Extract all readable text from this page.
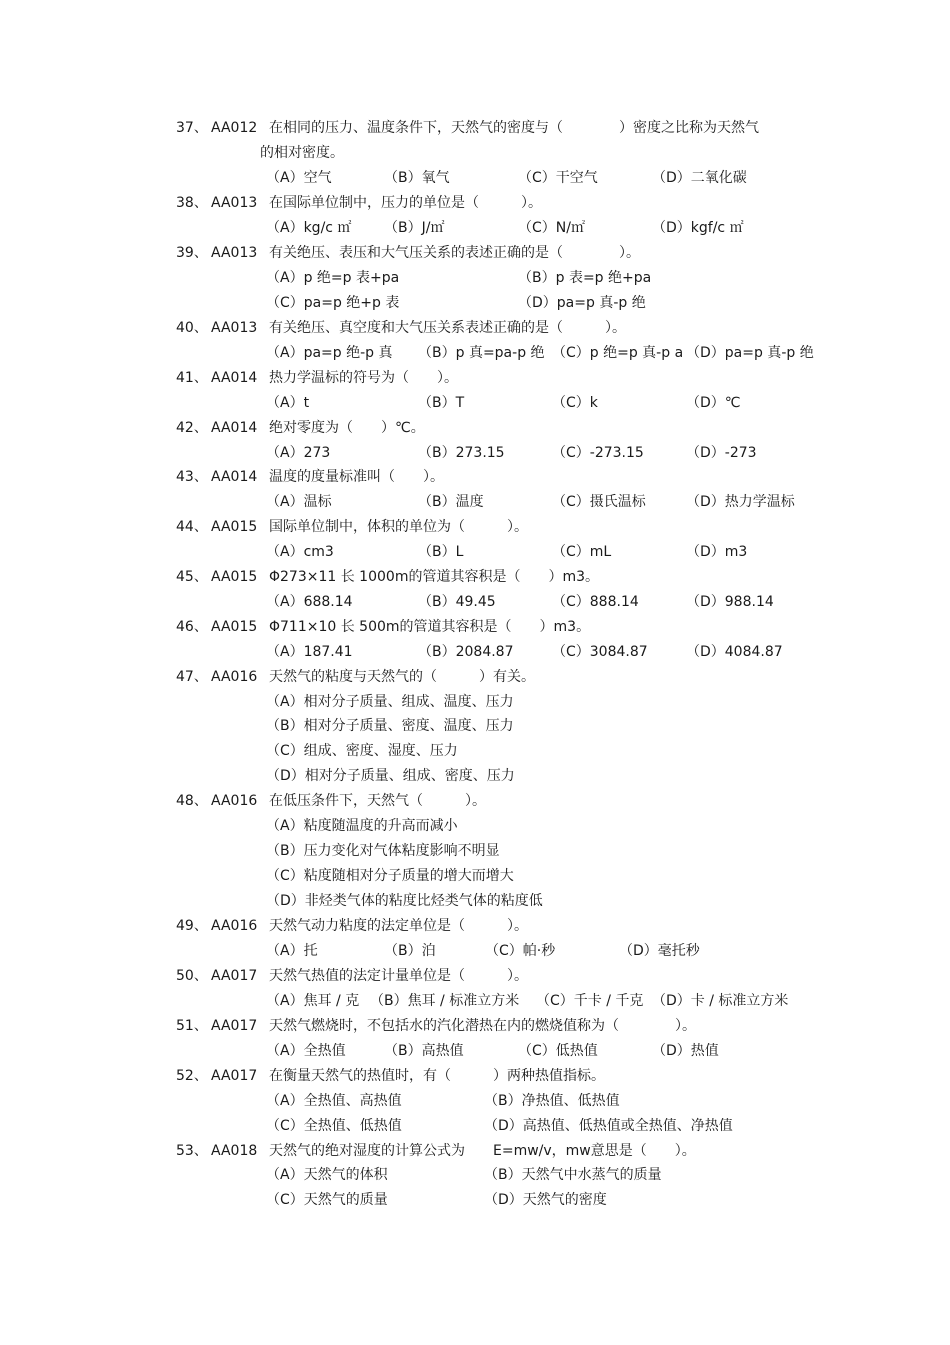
37、 AA012 在相同的压力、温度条件下，天然气的密度与（　　　　）密度之比称为天然气
的相对密度。
（A）空气	（B）氧气	（C）干空气	（D）二氧化碳
38、 AA013 在国际单位制中，压力的单位是（　　　）。
（A）kg/c ㎡ （B）J/㎡	（C）N/㎡	（D）kgf/c ㎡
39、 AA013 有关绝压、表压和大气压关系的表述正确的是（　　　　）。
（A）p 绝=p 表+pa	（B）p 表=p 绝+pa
（C）pa=p 绝+p 表	（D）pa=p 真-p 绝
40、 AA013 有关绝压、真空度和大气压关系表述正确的是（　　　）。
（A）pa=p 绝-p 真 （B）p 真=pa-p 绝 （C）p 绝=p 真-p a （D）pa=p 真-p 绝
41、 AA014 热力学温标的符号为（　　）。
（A）t	（B）T	（C）k	（D）℃
42、 AA014 绝对零度为（　　）℃。
（A）273	（B）273.15	（C）-273.15	（D）-273
43、 AA014 温度的度量标准叫（　　）。
（A）温标	（B）温度	（C）摄氏温标	（D）热力学温标
44、 AA015 国际单位制中，体积的单位为（　　　）。
（A）cm3	（B）L	（C）mL	（D）m3
45、 AA015 Φ273×11 长 1000m的管道其容积是（　　）m3。
（A）688.14	（B）49.45	（C）888.14	（D）988.14
46、 AA015 Φ711×10 长 500m的管道其容积是（　　）m3。
（A）187.41	（B）2084.87	（C）3084.87	（D）4084.87
47、 AA016 天然气的粘度与天然气的（　　　）有关。
（A）相对分子质量、组成、温度、压力
（B）相对分子质量、密度、温度、压力
（C）组成、密度、湿度、压力
（D）相对分子质量、组成、密度、压力
48、 AA016 在低压条件下，天然气（　　　）。
（A）粘度随温度的升高而减小
（B）压力变化对气体粘度影响不明显
（C）粘度随相对分子质量的增大而增大
（D）非烃类气体的粘度比烃类气体的粘度低
49、 AA016 天然气动力粘度的法定单位是（　　　）。
（A）托	（B）泊	（C）帕·秒	（D）毫托秒
50、 AA017 天然气热值的法定计量单位是（　　　）。
（A）焦耳 / 克 （B）焦耳 / 标准立方米 （C）千卡 / 千克 （D）卡 / 标准立方米
51、 AA017 天然气燃烧时，不包括水的汽化潜热在内的燃烧值称为（　　　　）。
（A）全热值	（B）高热值	（C）低热值	（D）热值
52、 AA017 在衡量天然气的热值时，有（　　　）两种热值指标。
（A）全热值、高热值	（B）净热值、低热值
（C）全热值、低热值	（D）高热值、低热值或全热值、净热值
53、 AA018 天然气的绝对湿度的计算公式为　　E=mw/v，mw意思是（　　）。
（A）天然气的体积	（B）天然气中水蒸气的质量
（C）天然气的质量	（D）天然气的密度
